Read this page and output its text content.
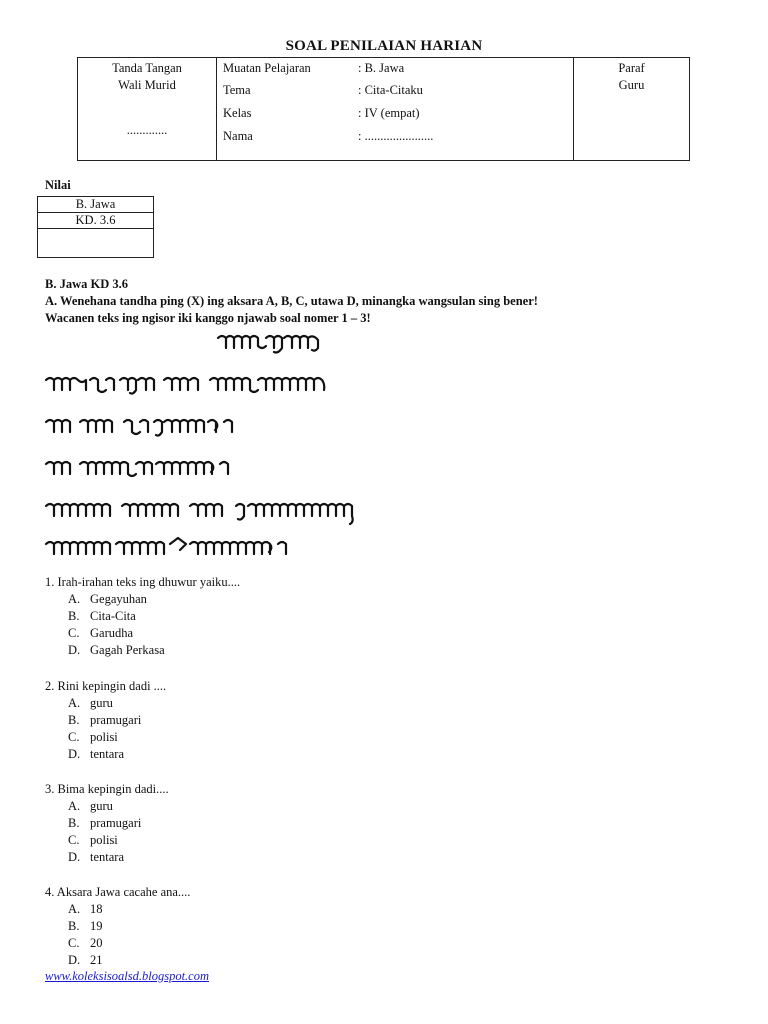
SOAL PENILAIAN HARIAN
Tanda Tangan
Wali Murid
.............
Muatan Pelajaran	: B. Jawa
Tema	: Cita-Citaku
Kelas	: IV (empat)
Nama	: ......................
Paraf
Guru
Nilai
B. Jawa
KD. 3.6
B. Jawa KD 3.6
A. Wenehana tandha ping (X) ing aksara A, B, C, utawa D, minangka wangsulan sing bener!
Wacanen teks ing ngisor iki kanggo njawab soal nomer 1 – 3!
1. Irah-irahan teks ing dhuwur yaiku....
A. Gegayuhan
B. Cita-Cita
C. Garudha
D. Gagah Perkasa
2. Rini kepingin dadi ....
A. guru
B. pramugari
C. polisi
D. tentara
3. Bima kepingin dadi....
A. guru
B. pramugari
C. polisi
D. tentara
4. Aksara Jawa cacahe ana....
A. 18
B. 19
C. 20
D. 21
www.koleksisoalsd.blogspot.com
